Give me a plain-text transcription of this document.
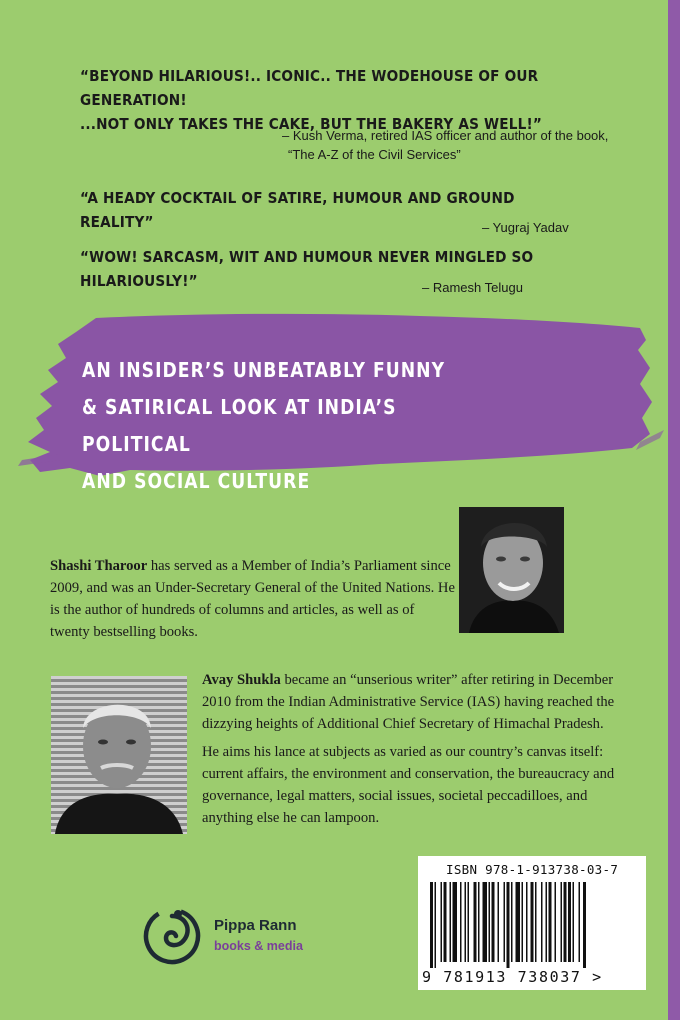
“BEYOND HILARIOUS!.. ICONIC.. THE WODEHOUSE OF OUR GENERATION!
...NOT ONLY TAKES THE CAKE, BUT THE BAKERY AS WELL!”
– Kush Verma, retired IAS officer and author of the book,
“The A-Z of the Civil Services”
“A HEADY COCKTAIL OF SATIRE, HUMOUR AND GROUND REALITY”	– Yugraj Yadav
“WOW! SARCASM, WIT AND HUMOUR NEVER MINGLED SO HILARIOUSLY!”	– Ramesh Telugu
AN INSIDER’S UNBEATABLY FUNNY
& SATIRICAL LOOK AT INDIA’S POLITICAL
AND SOCIAL CULTURE
Shashi Tharoor has served as a Member of India’s Parliament since 2009, and was an Under-Secretary General of the United Nations. He is the author of hundreds of columns and articles, as well as of twenty bestselling books.
Avay Shukla became an “unserious writer” after retiring in December 2010 from the Indian Administrative Service (IAS) having reached the dizzying heights of Additional Chief Secretary of Himachal Pradesh.
He aims his lance at subjects as varied as our country’s canvas itself: current affairs, the environment and conservation, the bureaucracy and governance, legal matters, social issues, societal peccadilloes, and anything else he can lampoon.
Pippa Rann
books & media
ISBN 978-1-913738-03-7
9 781913 738037 >
